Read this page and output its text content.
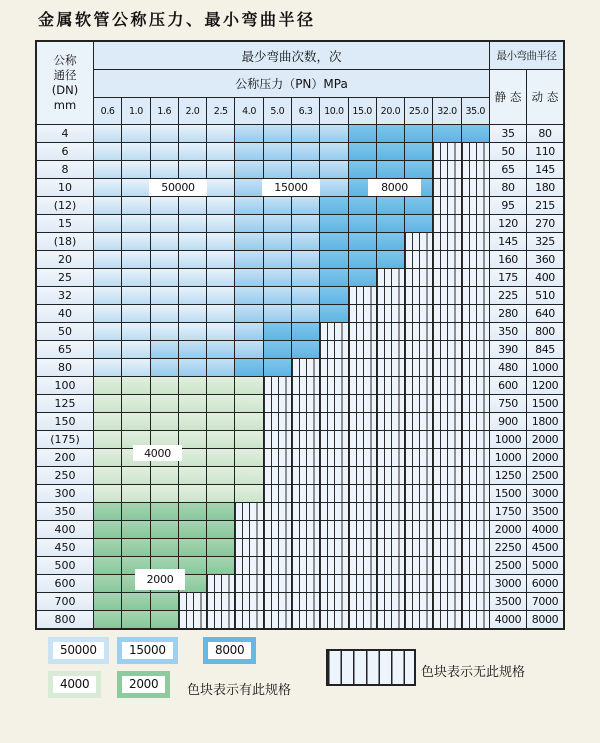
金属软管公称压力、最小弯曲半径
公称
通径
(DN)
mm
最少弯曲次数，次
公称压力（PN）MPa
0.6	1.0	1.6	2.0	2.5	4.0	5.0	6.3	10.0 15.0 20.0 25.0 32.0 35.0
最小弯曲半径
静 态 动 态
4	35	80
6	50	110
8	65	145
10	80	180
(12)	95	215
15	120	270
(18)	145	325
20	160	360
25	175	400
32	225	510
40	280	640
50	350	800
65	390	845
80	480	1000
100	600	1200
125	750	1500
150	900	1800
(175)	1000 2000
200	1000 2000
250	1250 2500
300	1500 3000
350	1750 3500
400	2000 4000
450	2250 4500
500	2500 5000
600	3000 6000
700	3500 7000
800	4000 8000
50000	15000	8000
4000
2000
50000	15000	8000
4000	2000	色块表示有此规格
色块表示无此规格
